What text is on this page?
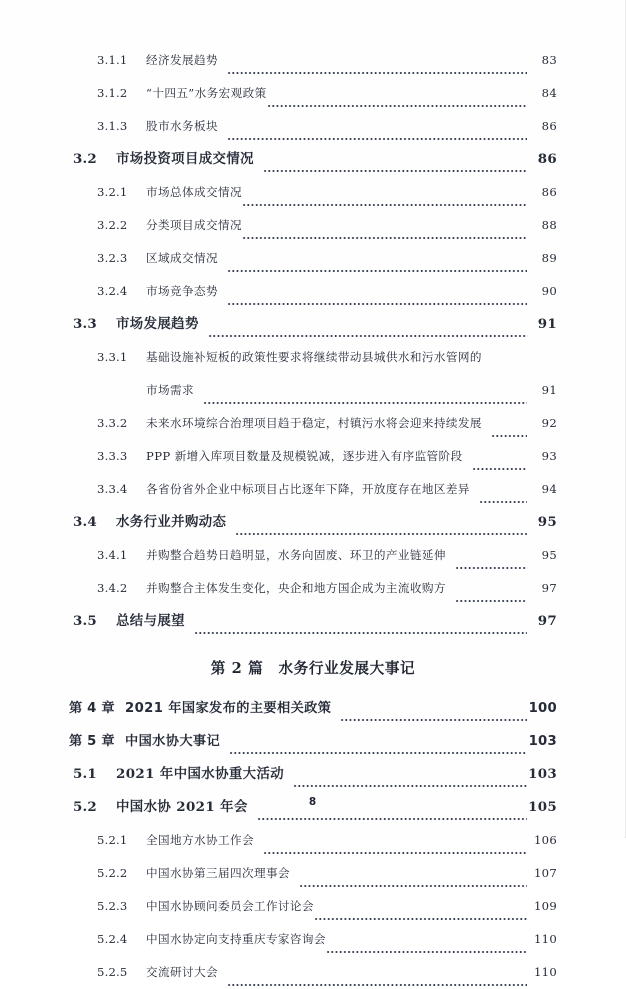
3.1.1	经济发展趋势	83
3.1.2	“十四五”水务宏观政策	84
3.1.3	股市水务板块	86
3.2	市场投资项目成交情况	86
3.2.1	市场总体成交情况	86
3.2.2	分类项目成交情况	88
3.2.3	区域成交情况	89
3.2.4	市场竞争态势	90
3.3	市场发展趋势	91
3.3.1	基础设施补短板的政策性要求将继续带动县城供水和污水管网的
市场需求	91
3.3.2	未来水环境综合治理项目趋于稳定，村镇污水将会迎来持续发展	92
3.3.3	PPP 新增入库项目数量及规模锐减，逐步进入有序监管阶段	93
3.3.4	各省份省外企业中标项目占比逐年下降，开放度存在地区差异	94
3.4	水务行业并购动态	95
3.4.1	并购整合趋势日趋明显，水务向固废、环卫的产业链延伸	95
3.4.2	并购整合主体发生变化，央企和地方国企成为主流收购方	97
3.5	总结与展望	97
第 2 篇　水务行业发展大事记
第 4 章 2021 年国家发布的主要相关政策	100
第 5 章 中国水协大事记	103
5.1	2021 年中国水协重大活动	103
5.2	中国水协 2021 年会	105
5.2.1	全国地方水协工作会	106
5.2.2	中国水协第三届四次理事会	107
5.2.3	中国水协顾问委员会工作讨论会	109
5.2.4	中国水协定向支持重庆专家咨询会	110
5.2.5	交流研讨大会	110
8
